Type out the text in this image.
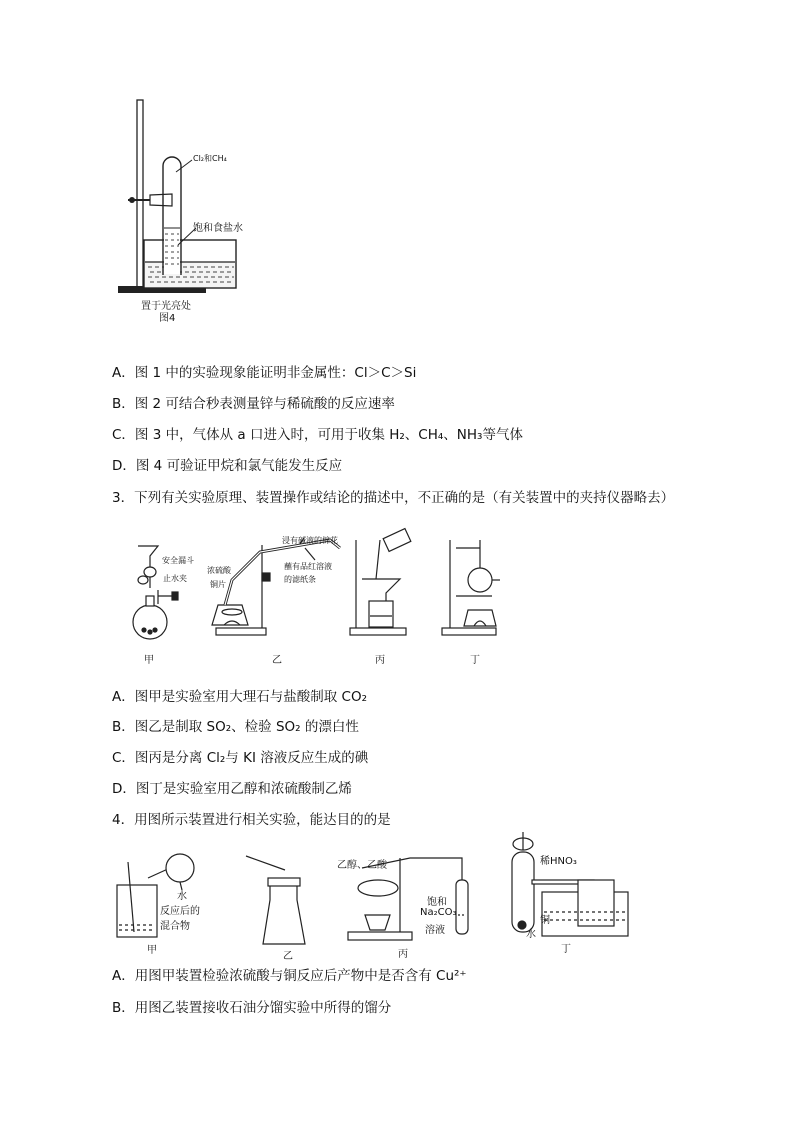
Cl₂和CH₄
饱和食盐水
置于光亮处
图4
A．图 1 中的实验现象能证明非金属性：Cl＞C＞Si
B．图 2 可结合秒表测量锌与稀硫酸的反应速率
C．图 3 中，气体从 a 口进入时，可用于收集 H₂、CH₄、NH₃等气体
D．图 4 可验证甲烷和氯气能发生反应
3．下列有关实验原理、装置操作或结论的描述中，不正确的是（有关装置中的夹持仪器略去）
安全漏斗
止水夹
浓硫酸
铜片
浸有碱液的棉花
蘸有品红溶液
的滤纸条
甲	乙	丙	丁
A．图甲是实验室用大理石与盐酸制取 CO₂
B．图乙是制取 SO₂、检验 SO₂ 的漂白性
C．图丙是分离 Cl₂与 KI 溶液反应生成的碘
D．图丁是实验室用乙醇和浓硫酸制乙烯
4．用图所示装置进行相关实验，能达目的的是
水
反应后的
混合物
乙醇、乙酸
饱和
Na₂CO₃
溶液
稀HNO₃
铜
水
甲
乙	丙	丁
A．用图甲装置检验浓硫酸与铜反应后产物中是否含有 Cu²⁺
B．用图乙装置接收石油分馏实验中所得的馏分
